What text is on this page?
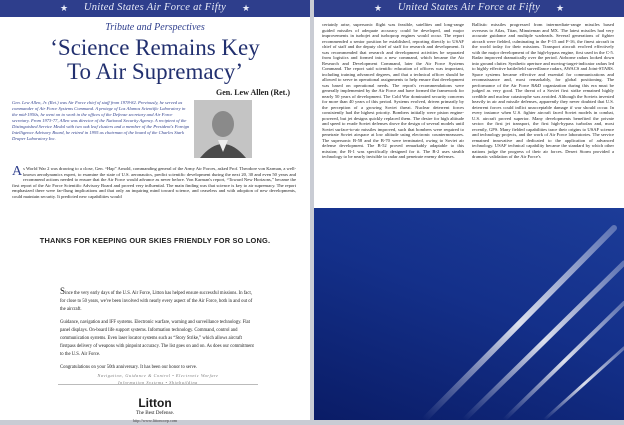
★	United States Air Force at Fifty	★
Tribute and Perspectives
‘Science Remains Key
To Air Supremacy’
Gen. Lew Allen (Ret.)
Gen. Lew Allen, Jr. (Ret.) was Air Force chief of staff from 1978-82. Previously, he served as commander of Air Force Systems Command. A protege of Los Alamos Scientific Laboratory in the mid-1950s, he went on to work in the offices of the Defense secretary and Air Force secretary. From 1973-77, Allen was director of the National Security Agency. A recipient of the Distinguished Service Medal with two oak leaf clusters and a member of the President's Foreign Intelligence Advisory Board, he retired in 1995 as chairman of the board of the Charles Stark Draper Laboratory Inc.
A s World War 2 was drawing to a close, Gen. “Hap” Arnold, commanding general of the Army Air Forces, asked Prof. Theodore von Karman, a well-known aerodynamics expert, to examine the state of U.S. aeronautics, predict scientific development during the next 20, 30 and even 50 years and recommend actions needed to ensure that the Air Force would advance as never before. Von Karman's report, “Toward New Horizons,” became the first report of the Air Force Scientific Advisory Board and proved very influential. The main finding was that science is key to air supremacy. The report emphasized there were far-flung implications and that only an inquiring mind toward science, and ceaseless and with adoption of new developments, could maintain security. It predicted new capabilities would
THANKS FOR KEEPING OUR SKIES FRIENDLY FOR SO LONG.

Since the very early days of the U.S. Air Force, Litton has helped ensure successful missions. In fact, for close to 50 years, we've been involved with nearly every aspect of the Air Force, both in and out of the aircraft.

Guidance, navigation and IFF systems. Electronic warfare, warning and surveillance technology. Flat panel displays. On-board life support systems. Information technology. Command, control and communication systems. Even laser locator systems such as “Story Strike,” which allows aircraft firstpass delivery of weapons with pinpoint accuracy. The list goes on and on. As does our commitment to the U.S. Air Force.

Congratulations on your 50th anniversary. It has been our honor to serve.

Navigation, Guidance & Control • Electronic Warfare
Information Systems • Shipbuilding
Litton
The Best Defense.
http://www.littoncorp.com
★	United States Air Force at Fifty	★
certainly arise, supersonic flight was feasible, satellites and long-range guided missiles of adequate accuracy could be developed, and major improvements in turbojet and turboprop engines would occur. The report recommended a senior position be established, reporting directly to USAF chief of staff and the deputy chief of staff for research and development. It was recommended that research and development activities be separated from logistics and formed into a new command, which became the Air Research and Development Command, later the Air Force Systems Command. The report said scientific education of officers was important, including training advanced degrees, and that a technical officer should be allowed to serve in operational assignments to help ensure that development was based on operational needs. The report's recommendations were generally implemented by the Air Force and have formed the framework for nearly 50 years of development. The Cold War dominated security concerns for more than 40 years of this period. Systems evolved, driven primarily by the perception of a growing Soviet threat. Nuclear deterrent forces consistently had the highest priority. Bombers initially were piston engine-powered, but jet designs quickly replaced them. The desire for high altitude and speed to evade Soviet defenses drove the design of several models until Soviet surface-to-air missiles improved, such that bombers were required to penetrate Soviet airspace at low altitude using electronic countermeasures. The supersonic B-58 and the B-70 were terminated, owing to Soviet air defense development. The B-52 proved remarkably adaptable to this mission; the B-1 was specifically designed for it. The B-2 uses stealth technology to be nearly invisible to radar and penetrate enemy defenses.
Ballistic missiles progressed from intermediate-range missiles based overseas to Atlas, Titan, Minuteman and MX. The latest missiles had very accurate guidance and multiple warheads. Several generations of fighter aircraft were fielded, culminating in the F-15 and F-16, the finest aircraft in the world today for their missions. Transport aircraft evolved effectively with the major development of the high-bypass engine, first used in the C-5. Radar improved dramatically over the period. Airborne radars looked down into ground clutter. Synthetic aperture and moving-target-indicator radars led to highly effective battlefield surveillance radars, AWACS and Joint-STARS. Space systems became effective and essential for communications and reconnaissance and, most remarkably, for global positioning. The performance of the Air Force R&D organization during this era must be judged as very good. The threat of a Soviet first strike remained highly credible and nuclear catastrophe was avoided. Although the Soviets invested heavily in air and missile defenses, apparently they never doubted that U.S. deterrent forces could inflict unacceptable damage if war should occur. In every instance when U.S. fighter aircraft faced Soviet models in combat, U.S. aircraft proved superior. Many developments benefited the private sector: the first jet transport, the first high-bypass turbofan and, most recently, GPS. Many fielded capabilities trace their origins to USAF science and technology projects, and the work of Air Force laboratories. The service remained innovative and dedicated to the application of advanced technology. USAF technical capability became the standard by which other nations judge the progress of their air forces. Desert Storm provided a dramatic validation of the Air Force's
